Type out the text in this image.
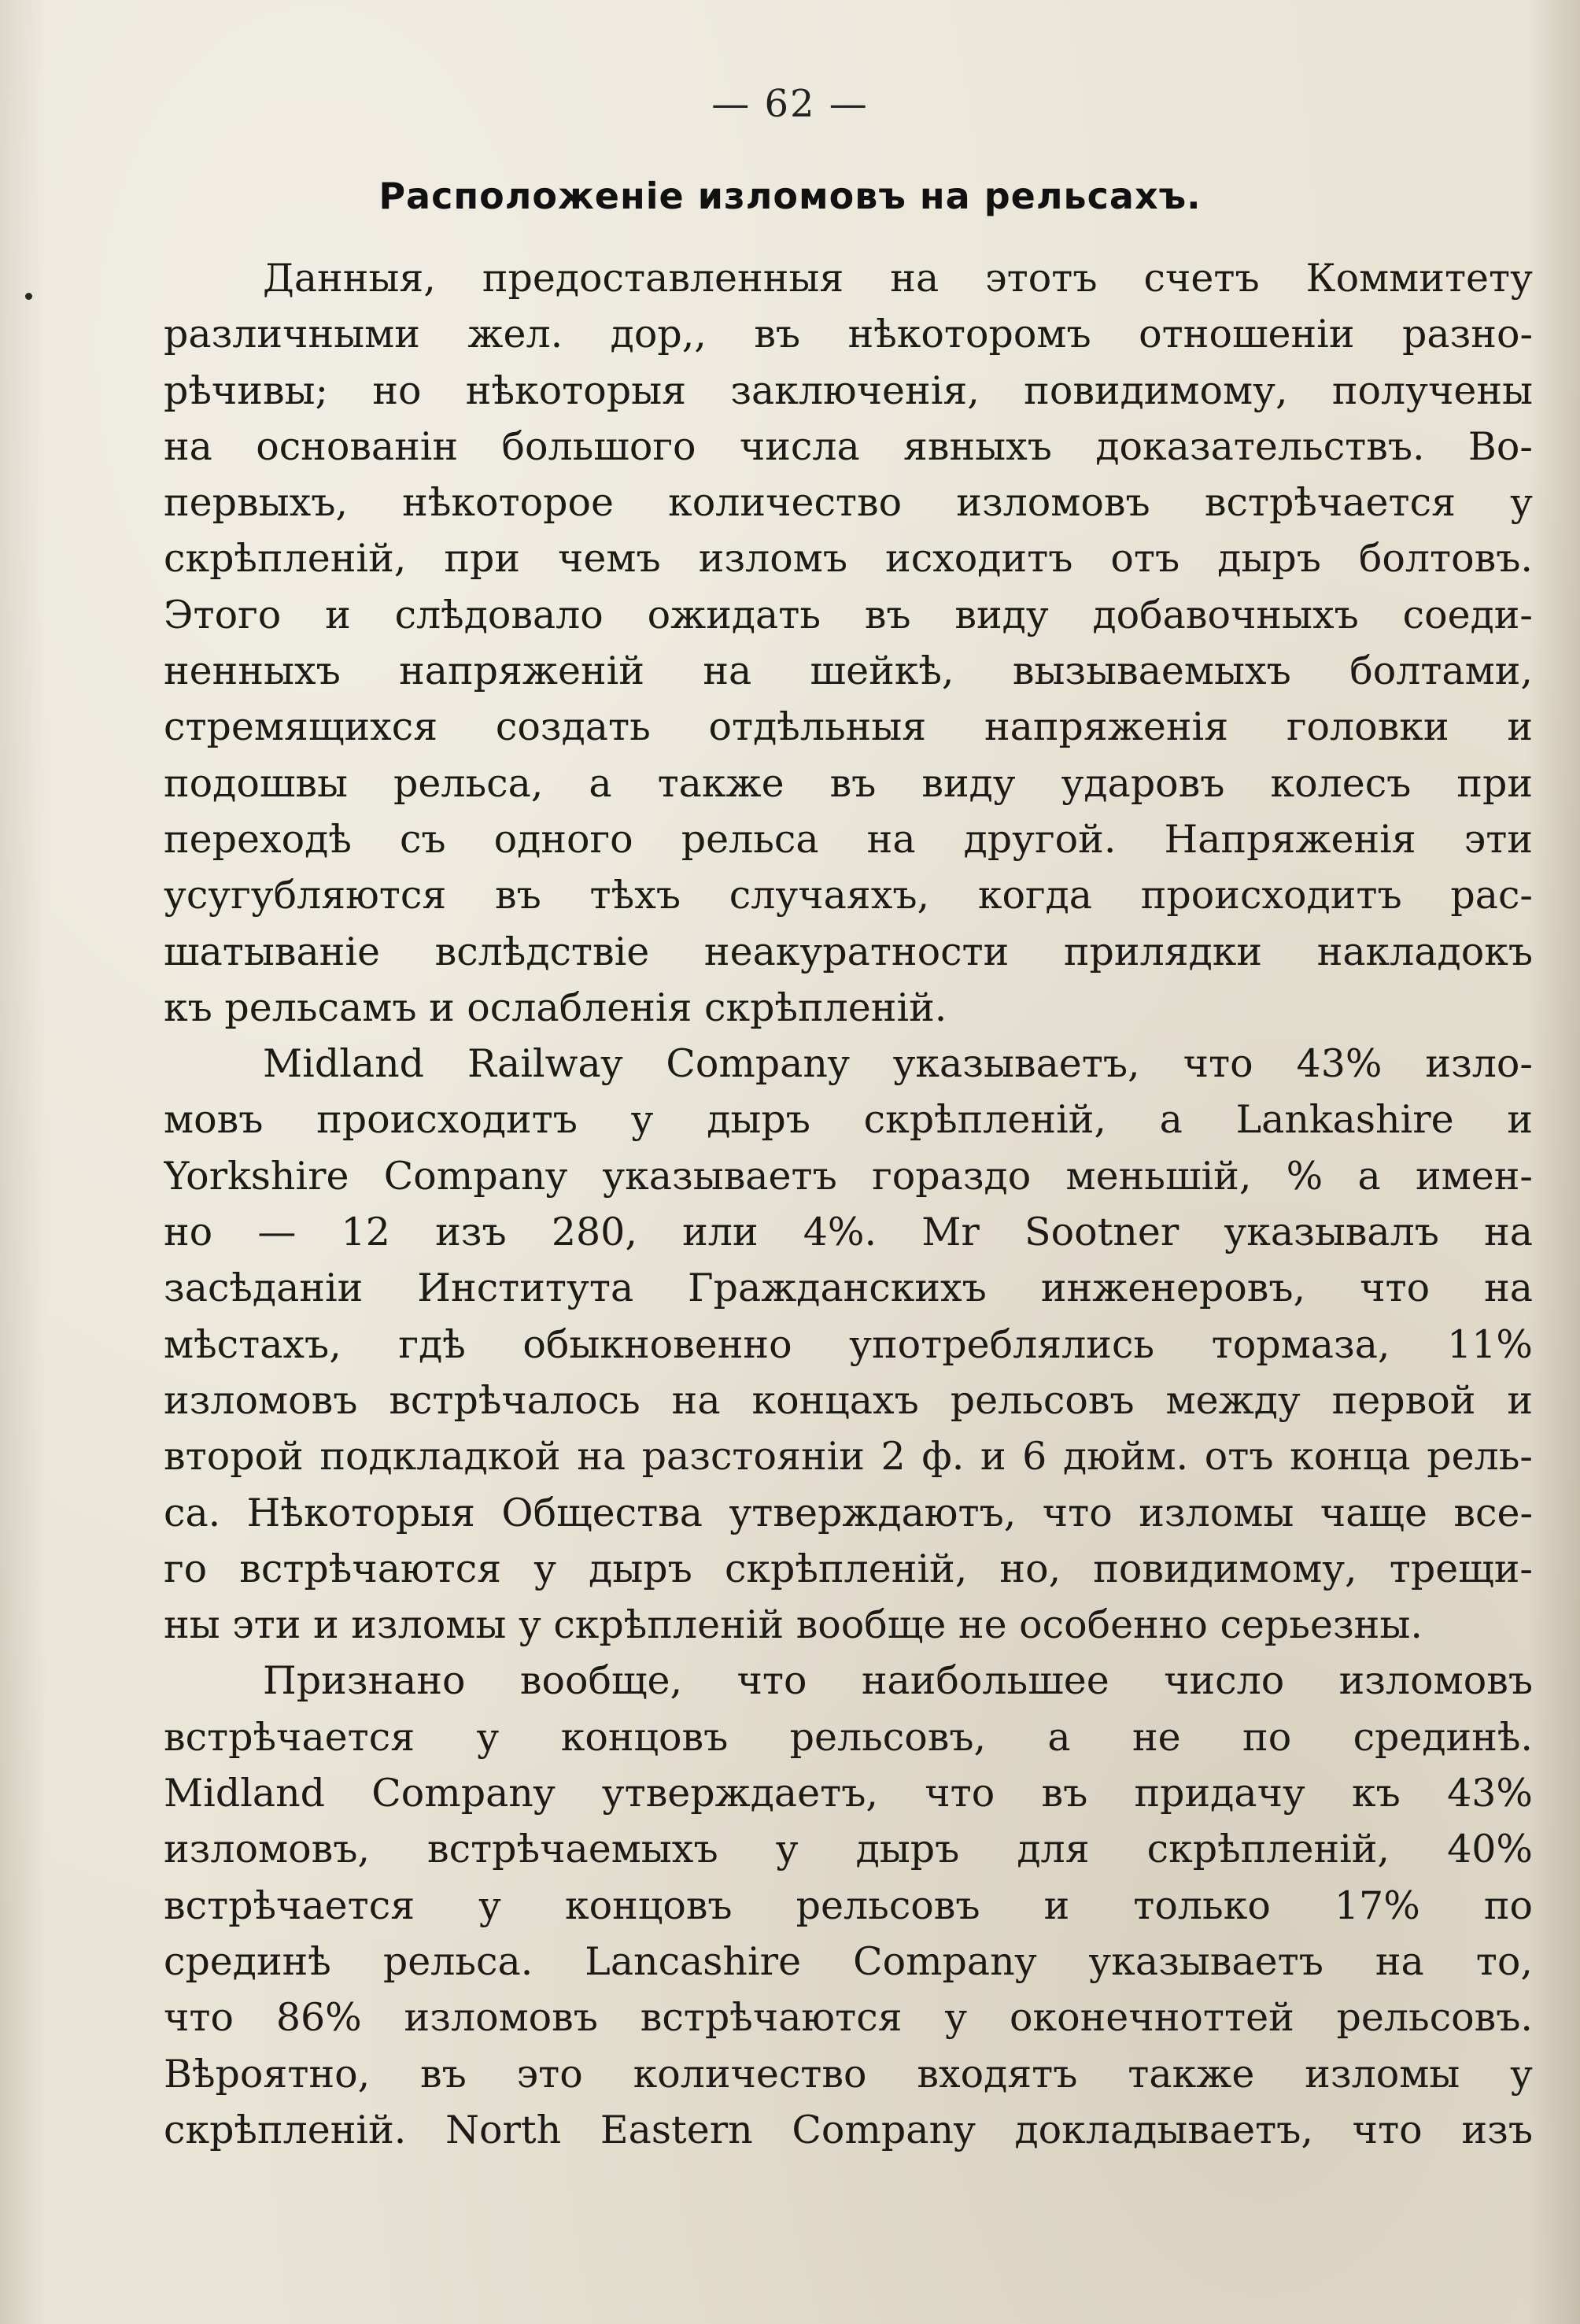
— 62 —
Расположеніе изломовъ на рельсахъ.
Данныя, предоставленныя на этотъ счетъ Коммитету
различными жел. дор,, въ нѣкоторомъ отношеніи разно-
рѣчивы; но нѣкоторыя заключенія, повидимому, получены
на основанін большого числа явныхъ доказательствъ. Во-
первыхъ, нѣкоторое количество изломовъ встрѣчается у
скрѣпленій, при чемъ изломъ исходитъ отъ дыръ болтовъ.
Этого и слѣдовало ожидать въ виду добавочныхъ соеди-
ненныхъ напряженій на шейкѣ, вызываемыхъ болтами,
стремящихся создать отдѣльныя напряженія головки и
подошвы рельса, а также въ виду ударовъ колесъ при
переходѣ съ одного рельса на другой. Напряженія эти
усугубляются въ тѣхъ случаяхъ, когда происходитъ рас-
шатываніе вслѣдствіе неакуратности прилядки накладокъ
къ рельсамъ и ослабленія скрѣпленій.
Midland Railway Company указываетъ, что 43% изло-
мовъ происходитъ у дыръ скрѣпленій, а Lankashire и
Yorkshire Company указываетъ гораздо меньшій, % а имен-
но — 12 изъ 280, или 4%. Mr Sootner указывалъ на
засѣданіи Института Гражданскихъ инженеровъ, что на
мѣстахъ, гдѣ обыкновенно употреблялись тормаза, 11%
изломовъ встрѣчалось на концахъ рельсовъ между первой и
второй подкладкой на разстояніи 2 ф. и 6 дюйм. отъ конца рель-
са. Нѣкоторыя Общества утверждаютъ, что изломы чаще все-
го встрѣчаются у дыръ скрѣпленій, но, повидимому, трещи-
ны эти и изломы у скрѣпленій вообще не особенно серьезны.
Признано вообще, что наибольшее число изломовъ
встрѣчается у концовъ рельсовъ, а не по срединѣ.
Midland Company утверждаетъ, что въ придачу къ 43%
изломовъ, встрѣчаемыхъ у дыръ для скрѣпленій, 40%
встрѣчается у концовъ рельсовъ и только 17% по
срединѣ рельса. Lancashire Company указываетъ на то,
что 86% изломовъ встрѣчаются у оконечноттей рельсовъ.
Вѣроятно, въ это количество входятъ также изломы у
скрѣпленій. North Eastern Company докладываетъ, что изъ
